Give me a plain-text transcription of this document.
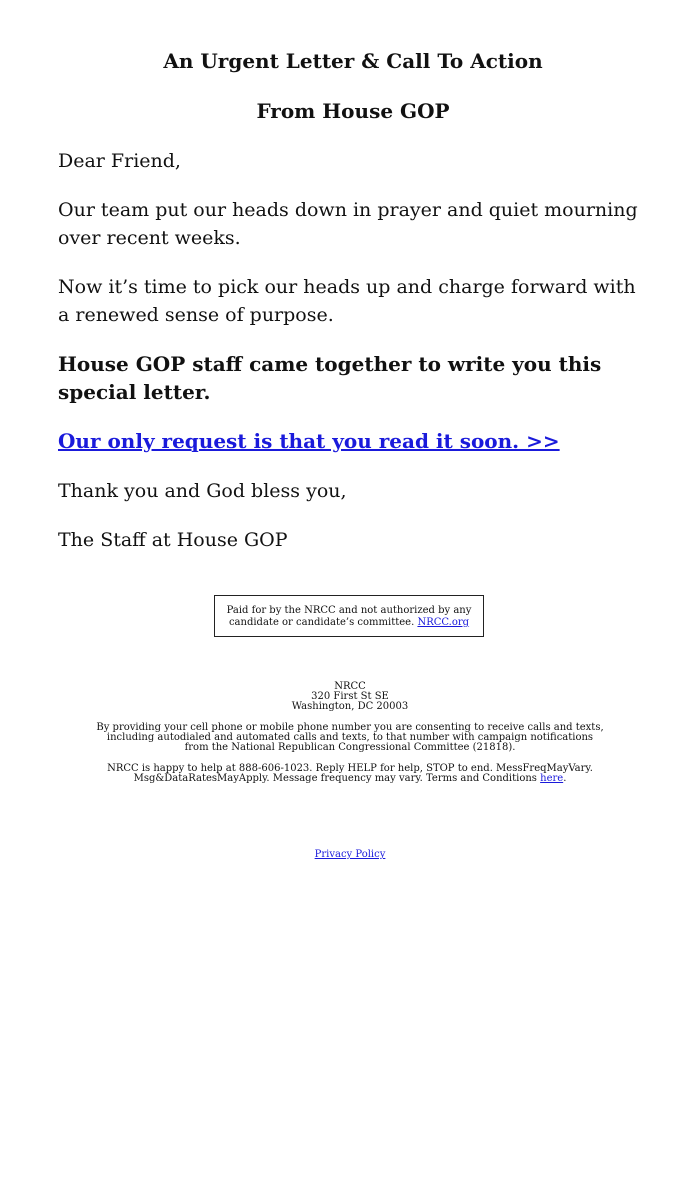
An Urgent Letter & Call To Action

From House GOP

Dear Friend,

Our team put our heads down in prayer and quiet mourning over recent weeks.

Now it’s time to pick our heads up and charge forward with a renewed sense of purpose.

House GOP staff came together to write you this special letter.

Our only request is that you read it soon. >>

Thank you and God bless you,

The Staff at House GOP

Paid for by the NRCC and not authorized by any candidate or candidate’s committee. NRCC.org

NRCC

320 First St SE

Washington, DC 20003

By providing your cell phone or mobile phone number you are consenting to receive calls and texts, including autodialed and automated calls and texts, to that number with campaign notifications from the National Republican Congressional Committee (21818).

NRCC is happy to help at 888-606-1023. Reply HELP for help, STOP to end. MessFreqMayVary. Msg&DataRatesMayApply. Message frequency may vary. Terms and Conditions here.

Privacy Policy
